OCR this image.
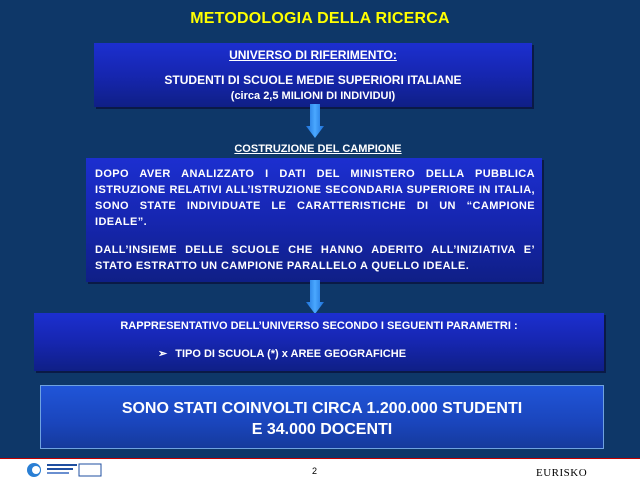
METODOLOGIA DELLA RICERCA
UNIVERSO DI RIFERIMENTO:
STUDENTI DI SCUOLE MEDIE SUPERIORI ITALIANE
(circa 2,5 MILIONI DI INDIVIDUI)
COSTRUZIONE DEL CAMPIONE
DOPO AVER ANALIZZATO I DATI DEL MINISTERO DELLA PUBBLICA ISTRUZIONE RELATIVI ALL’ISTRUZIONE SECONDARIA SUPERIORE IN ITALIA, SONO STATE INDIVIDUATE LE CARATTERISTICHE DI UN “CAMPIONE IDEALE”.
DALL’INSIEME DELLE SCUOLE CHE HANNO ADERITO ALL’INIZIATIVA E’ STATO ESTRATTO UN CAMPIONE PARALLELO A QUELLO IDEALE.
RAPPRESENTATIVO DELL’UNIVERSO SECONDO I SEGUENTI PARAMETRI :
➢ TIPO DI SCUOLA (*) x AREE GEOGRAFICHE
SONO STATI COINVOLTI CIRCA 1.200.000 STUDENTI
E 34.000 DOCENTI
2	EURISKO
